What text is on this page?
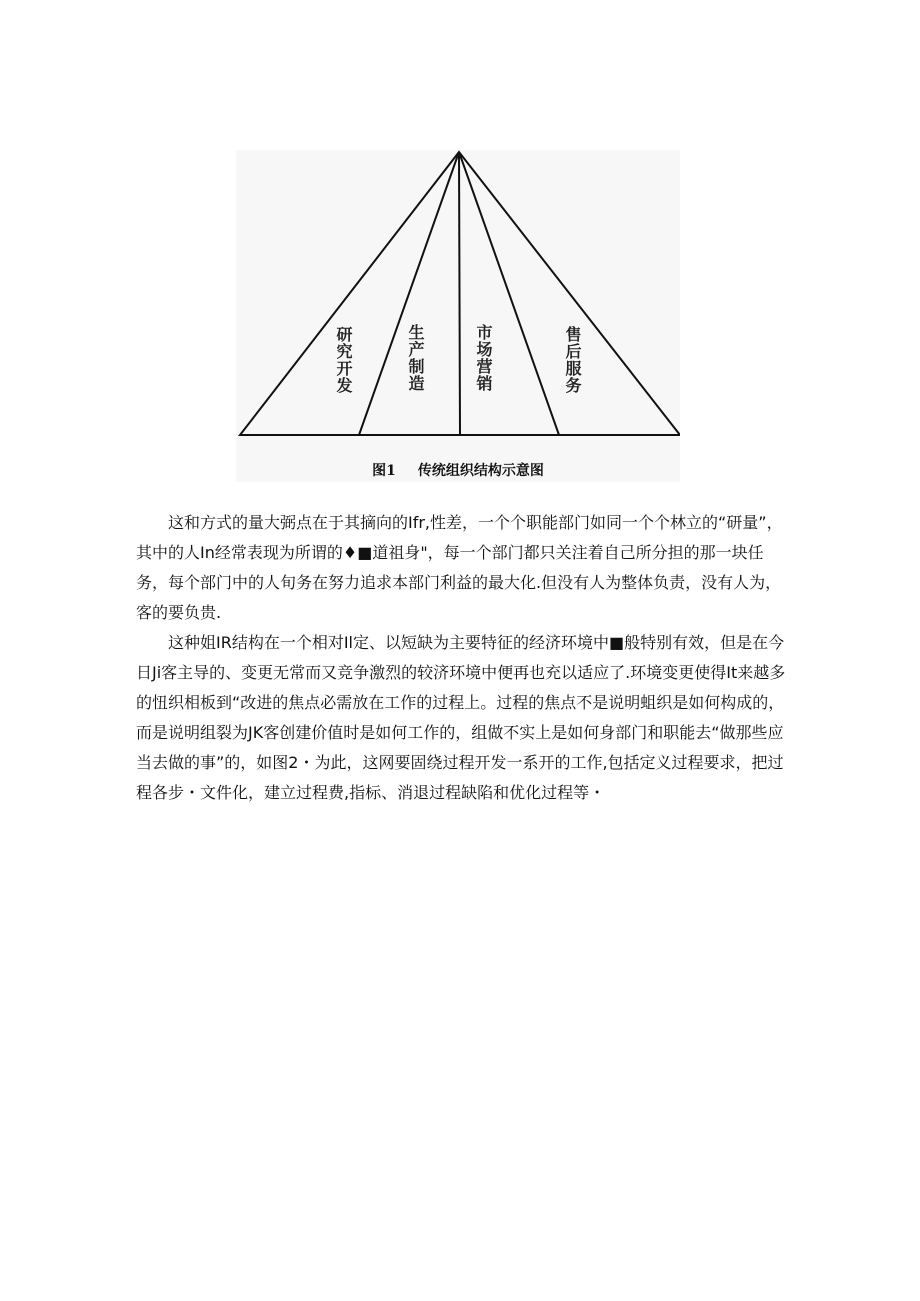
研究开发	生产制造	市场营销	售后服务
图1 传统组织结构示意图

这和方式的量大弼点在于其摘向的Ifr,性差，一个个职能部门如同一个个林立的“研量”，其中的人In经常表现为所谓的♦■道祖身"，每一个部门都只关注着自己所分担的那一块任务，每个部门中的人旬务在努力追求本部门利益的最大化.但没有人为整体负责，没有人为，客的要负贵.

这种姐IR结构在一个相对Il定、以短缺为主要特征的经济环境中■般特别有效，但是在今日Ji客主导的、变更无常而又竞争激烈的较济环境中便再也充以适应了.环境变更使得It来越多的忸织相板到“改进的焦点必需放在工作的过程上。过程的焦点不是说明蛆织是如何构成的，而是说明组裂为JK客创建价值时是如何工作的，组做不实上是如何身部门和职能去“做那些应当去做的事”的，如图2・为此，这网要固绕过程开发一系开的工作,包括定义过程要求，把过程各步・文件化，建立过程费,指标、消退过程缺陷和优化过程等・
